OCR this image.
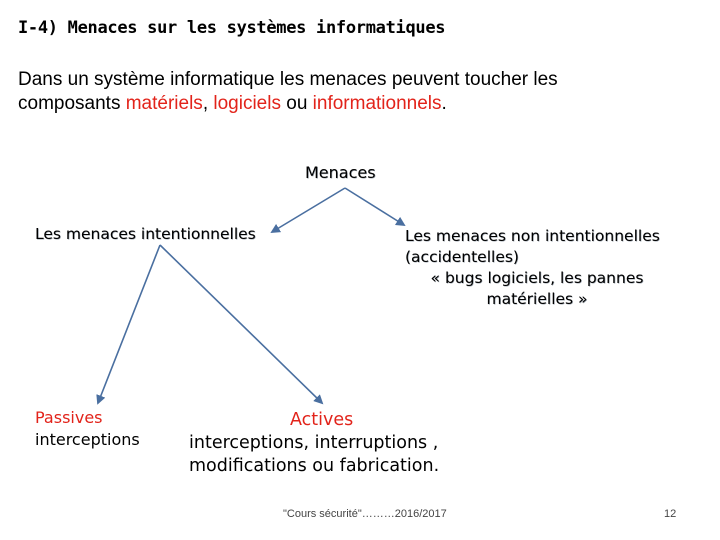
I-4) Menaces sur les systèmes informatiques
Dans un système informatique les menaces peuvent toucher les
composants matériels, logiciels ou informationnels.
Menaces
Les menaces intentionnelles	Les menaces non intentionnelles
(accidentelles)
« bugs logiciels, les pannes
matérielles »
Passives
interceptions
Actives
interceptions, interruptions ,
modifications ou fabrication.
"Cours sécurité"………2016/2017	12
